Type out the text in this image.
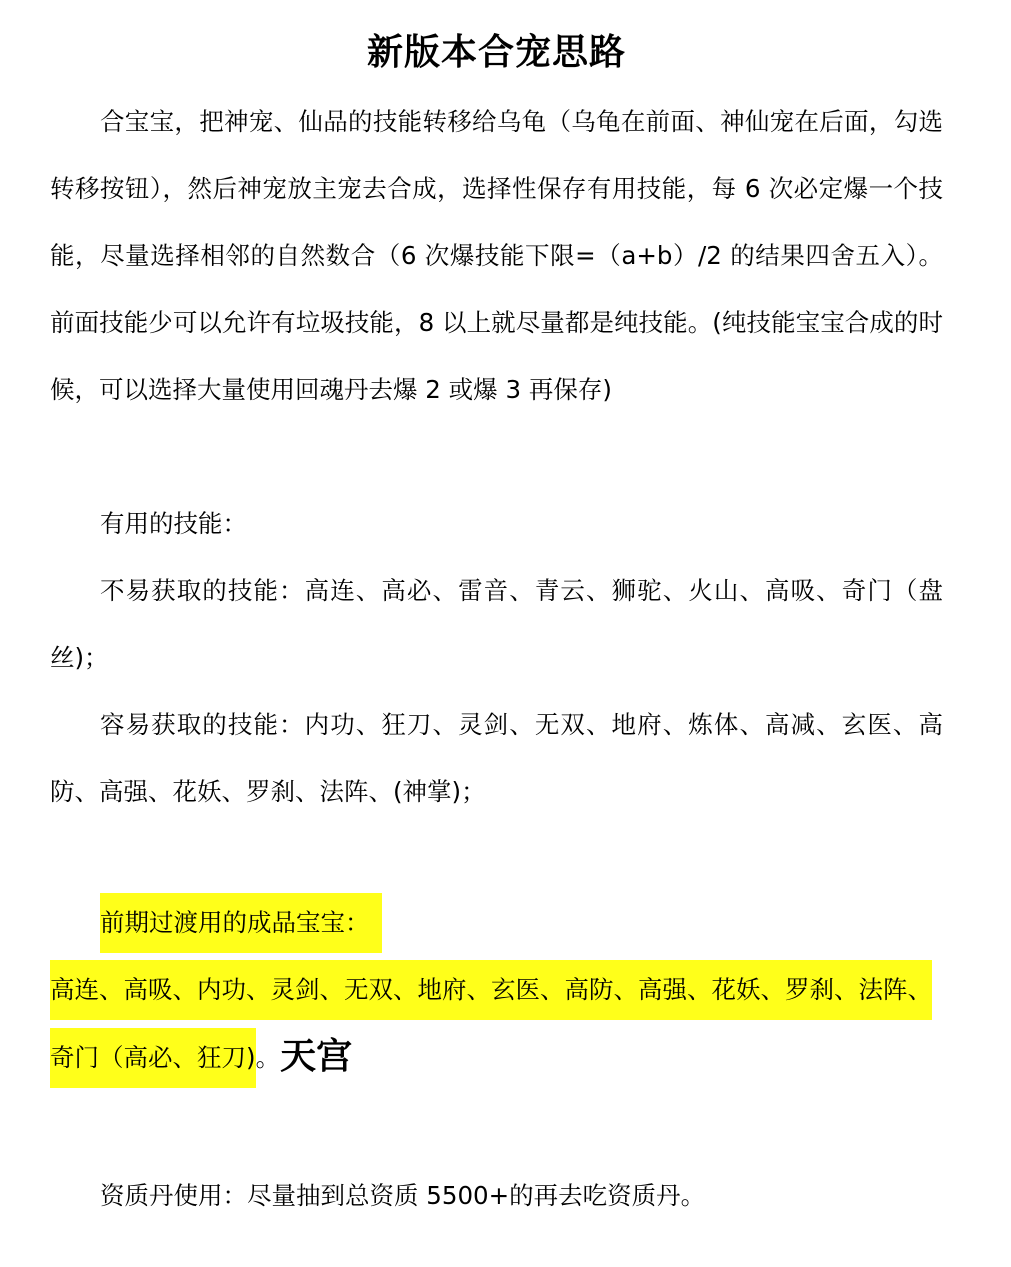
新版本合宠思路

合宝宝，把神宠、仙品的技能转移给乌龟（乌龟在前面、神仙宠在后面，勾选转移按钮），然后神宠放主宠去合成，选择性保存有用技能，每 6 次必定爆一个技能，尽量选择相邻的自然数合（6 次爆技能下限=（a+b）/2 的结果四舍五入）。前面技能少可以允许有垃圾技能，8 以上就尽量都是纯技能。(纯技能宝宝合成的时候，可以选择大量使用回魂丹去爆 2 或爆 3 再保存)

有用的技能：

不易获取的技能：高连、高必、雷音、青云、狮驼、火山、高吸、奇门（盘丝)；

容易获取的技能：内功、狂刀、灵剑、无双、地府、炼体、高减、玄医、高防、高强、花妖、罗刹、法阵、(神掌)；

前期过渡用的成品宝宝：

高连、高吸、内功、灵剑、无双、地府、玄医、高防、高强、花妖、罗刹、法阵、

奇门（高必、狂刀)。天宫

资质丹使用：尽量抽到总资质 5500+的再去吃资质丹。
